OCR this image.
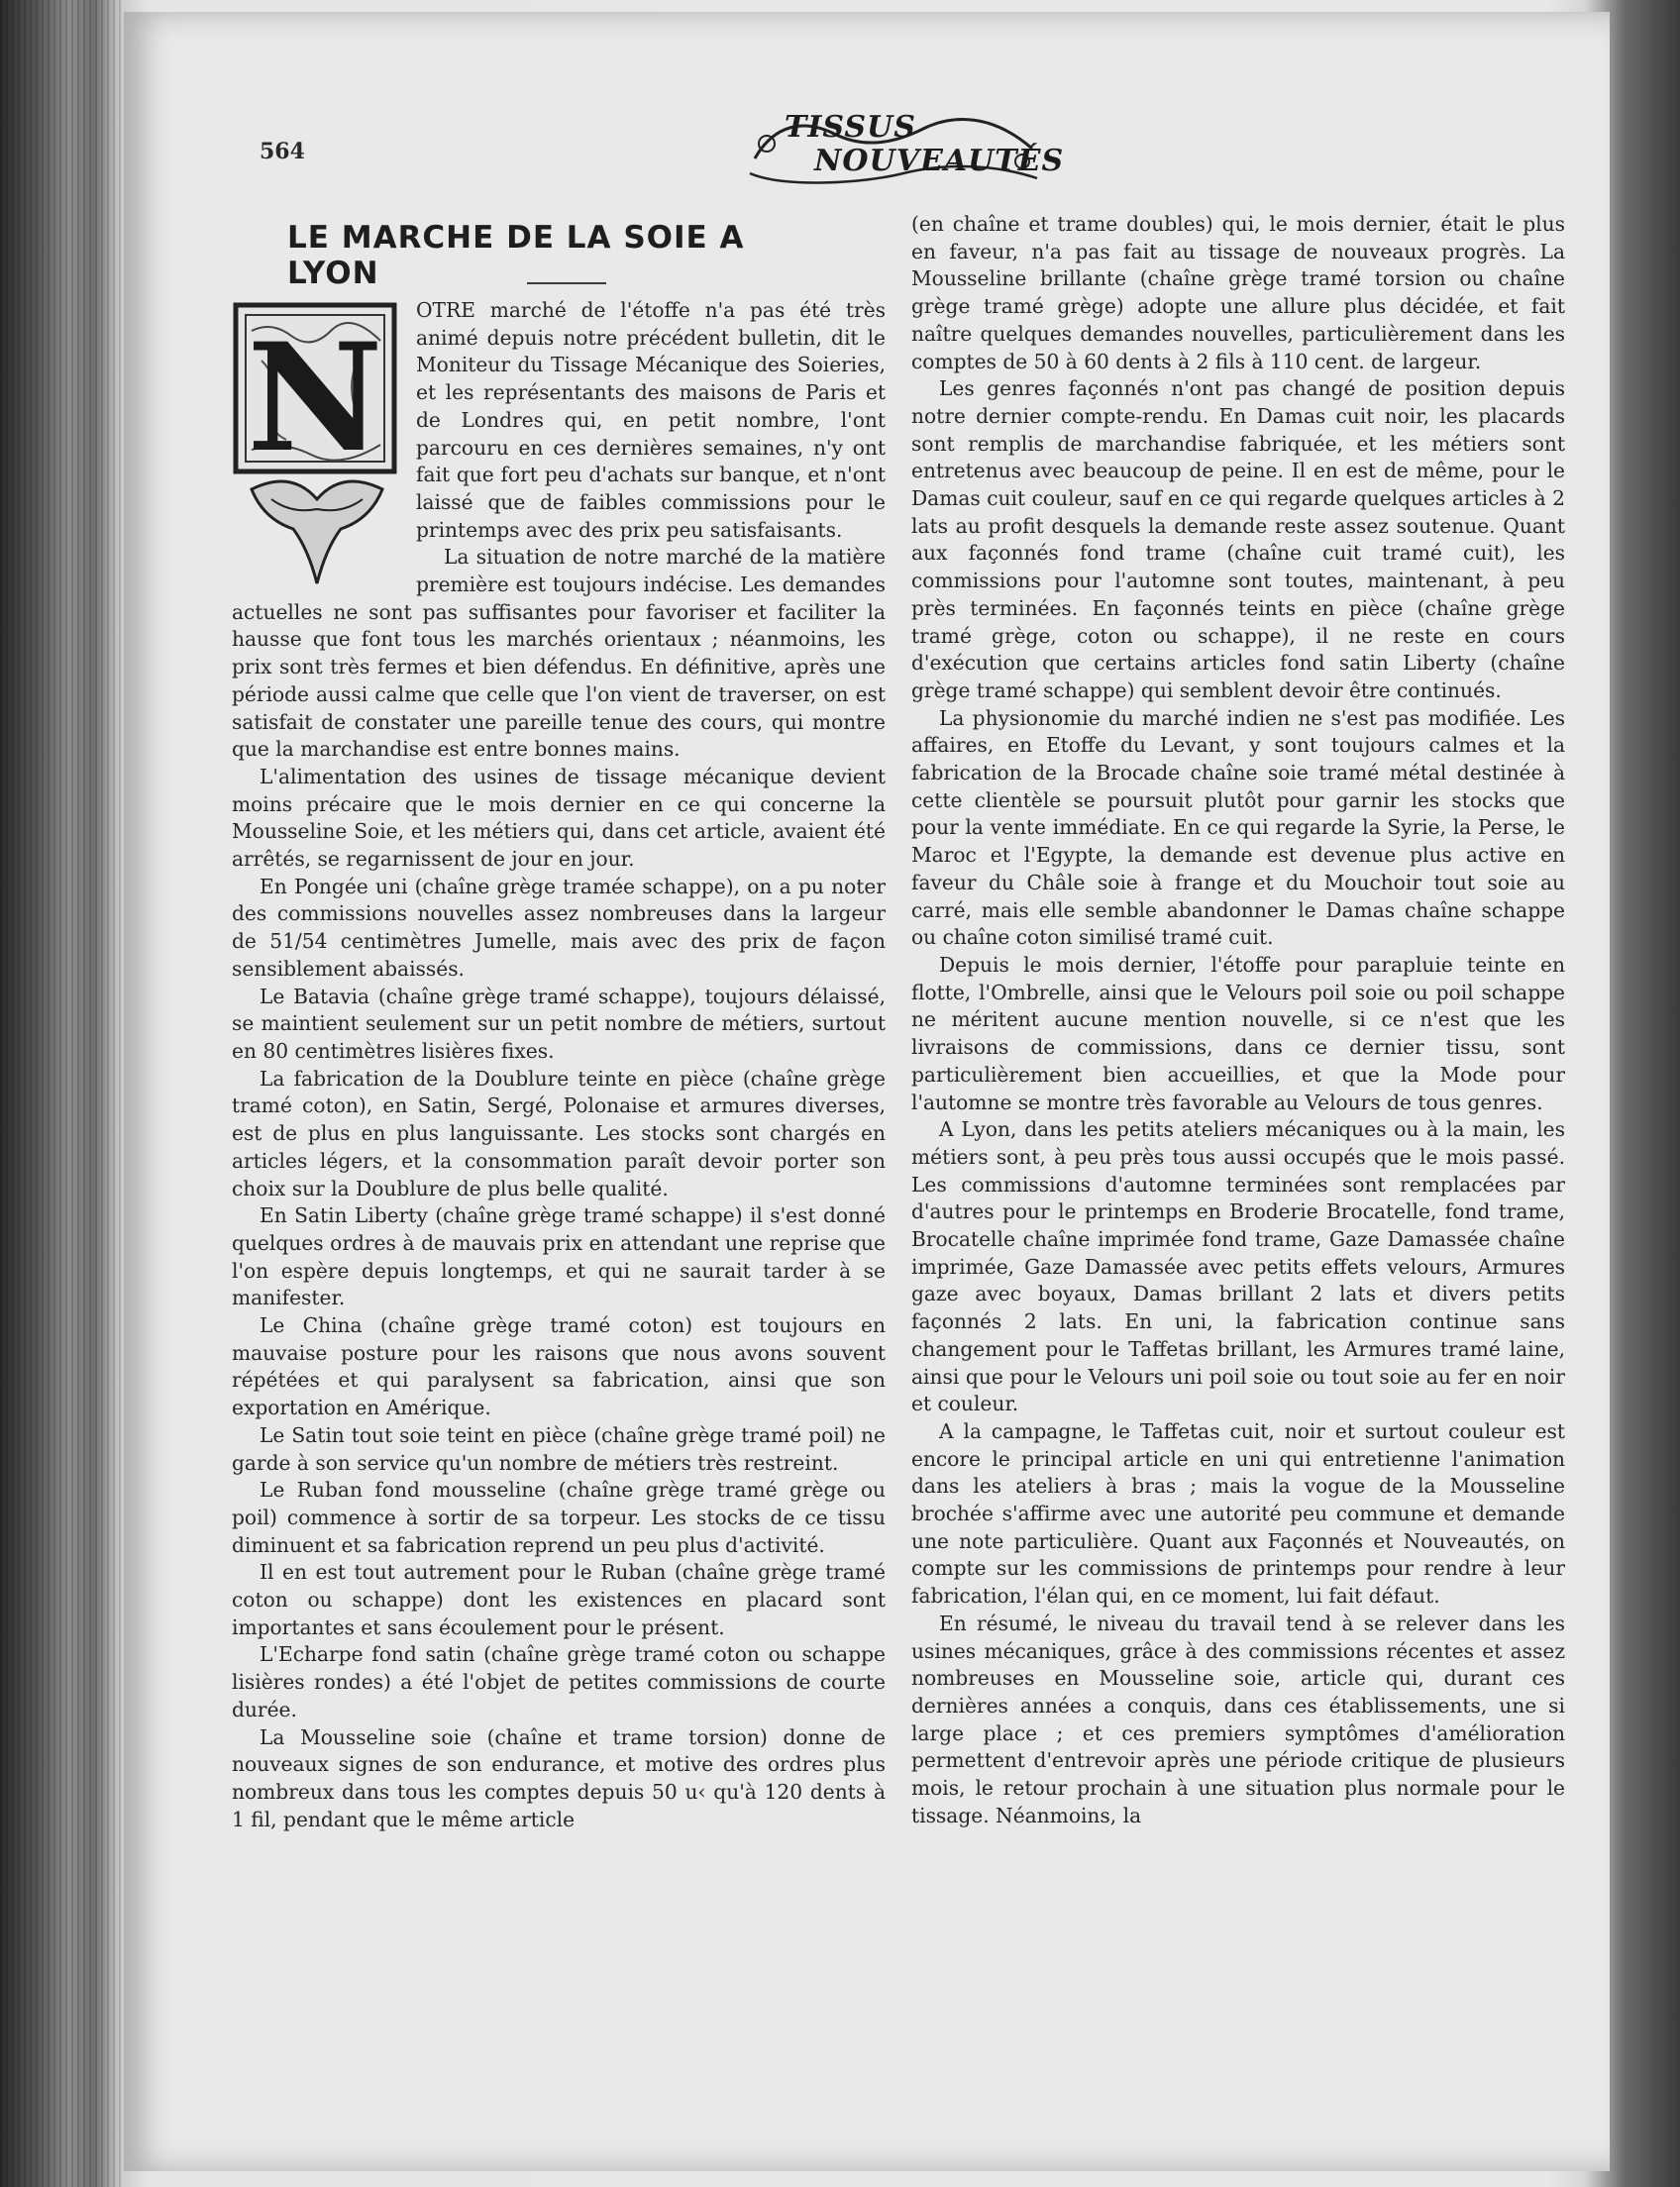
564
TISSUS
NOUVEAUTÉS
LE MARCHE DE LA SOIE A LYON
N

OTRE marché de l'étoffe n'a pas été très animé depuis notre précédent bulletin, dit le Moniteur du Tissage Mécanique des Soieries, et les représentants des maisons de Paris et de Londres qui, en petit nombre, l'ont parcouru en ces dernières semaines, n'y ont fait que fort peu d'achats sur banque, et n'ont laissé que de faibles commissions pour le printemps avec des prix peu satisfaisants.

La situation de notre marché de la matière première est toujours indécise. Les demandes actuelles ne sont pas suffisantes pour favoriser et faciliter la hausse que font tous les marchés orientaux ; néanmoins, les prix sont très fermes et bien défendus. En définitive, après une période aussi calme que celle que l'on vient de traverser, on est satisfait de constater une pareille tenue des cours, qui montre que la marchandise est entre bonnes mains.

L'alimentation des usines de tissage mécanique devient moins précaire que le mois dernier en ce qui concerne la Mousseline Soie, et les métiers qui, dans cet article, avaient été arrêtés, se regarnissent de jour en jour.

En Pongée uni (chaîne grège tramée schappe), on a pu noter des commissions nouvelles assez nombreuses dans la largeur de 51/54 centimètres Jumelle, mais avec des prix de façon sensiblement abaissés.

Le Batavia (chaîne grège tramé schappe), toujours délaissé, se maintient seulement sur un petit nombre de métiers, surtout en 80 centimètres lisières fixes.

La fabrication de la Doublure teinte en pièce (chaîne grège tramé coton), en Satin, Sergé, Polonaise et armures diverses, est de plus en plus languissante. Les stocks sont chargés en articles légers, et la consommation paraît devoir porter son choix sur la Doublure de plus belle qualité.

En Satin Liberty (chaîne grège tramé schappe) il s'est donné quelques ordres à de mauvais prix en attendant une reprise que l'on espère depuis longtemps, et qui ne saurait tarder à se manifester.

Le China (chaîne grège tramé coton) est toujours en mauvaise posture pour les raisons que nous avons souvent répétées et qui paralysent sa fabrication, ainsi que son exportation en Amérique.

Le Satin tout soie teint en pièce (chaîne grège tramé poil) ne garde à son service qu'un nombre de métiers très restreint.

Le Ruban fond mousseline (chaîne grège tramé grège ou poil) commence à sortir de sa torpeur. Les stocks de ce tissu diminuent et sa fabrication reprend un peu plus d'activité.

Il en est tout autrement pour le Ruban (chaîne grège tramé coton ou schappe) dont les existences en placard sont importantes et sans écoulement pour le présent.

L'Echarpe fond satin (chaîne grège tramé coton ou schappe lisières rondes) a été l'objet de petites commissions de courte durée.

La Mousseline soie (chaîne et trame torsion) donne de nouveaux signes de son endurance, et motive des ordres plus nombreux dans tous les comptes depuis 50 u‹ qu'à 120 dents à 1 fil, pendant que le même article

(en chaîne et trame doubles) qui, le mois dernier, était le plus en faveur, n'a pas fait au tissage de nouveaux progrès. La Mousseline brillante (chaîne grège tramé torsion ou chaîne grège tramé grège) adopte une allure plus décidée, et fait naître quelques demandes nouvelles, particulièrement dans les comptes de 50 à 60 dents à 2 fils à 110 cent. de largeur.

Les genres façonnés n'ont pas changé de position depuis notre dernier compte-rendu. En Damas cuit noir, les placards sont remplis de marchandise fabriquée, et les métiers sont entretenus avec beaucoup de peine. Il en est de même, pour le Damas cuit couleur, sauf en ce qui regarde quelques articles à 2 lats au profit desquels la demande reste assez soutenue. Quant aux façonnés fond trame (chaîne cuit tramé cuit), les commissions pour l'automne sont toutes, maintenant, à peu près terminées. En façonnés teints en pièce (chaîne grège tramé grège, coton ou schappe), il ne reste en cours d'exécution que certains articles fond satin Liberty (chaîne grège tramé schappe) qui semblent devoir être continués.

La physionomie du marché indien ne s'est pas modifiée. Les affaires, en Etoffe du Levant, y sont toujours calmes et la fabrication de la Brocade chaîne soie tramé métal destinée à cette clientèle se poursuit plutôt pour garnir les stocks que pour la vente immédiate. En ce qui regarde la Syrie, la Perse, le Maroc et l'Egypte, la demande est devenue plus active en faveur du Châle soie à frange et du Mouchoir tout soie au carré, mais elle semble abandonner le Damas chaîne schappe ou chaîne coton similisé tramé cuit.

Depuis le mois dernier, l'étoffe pour parapluie teinte en flotte, l'Ombrelle, ainsi que le Velours poil soie ou poil schappe ne méritent aucune mention nouvelle, si ce n'est que les livraisons de commissions, dans ce dernier tissu, sont particulièrement bien accueillies, et que la Mode pour l'automne se montre très favorable au Velours de tous genres.

A Lyon, dans les petits ateliers mécaniques ou à la main, les métiers sont, à peu près tous aussi occupés que le mois passé. Les commissions d'automne terminées sont remplacées par d'autres pour le printemps en Broderie Brocatelle, fond trame, Brocatelle chaîne imprimée fond trame, Gaze Damassée chaîne imprimée, Gaze Damassée avec petits effets velours, Armures gaze avec boyaux, Damas brillant 2 lats et divers petits façonnés 2 lats. En uni, la fabrication continue sans changement pour le Taffetas brillant, les Armures tramé laine, ainsi que pour le Velours uni poil soie ou tout soie au fer en noir et couleur.

A la campagne, le Taffetas cuit, noir et surtout couleur est encore le principal article en uni qui entretienne l'animation dans les ateliers à bras ; mais la vogue de la Mousseline brochée s'affirme avec une autorité peu commune et demande une note particulière. Quant aux Façonnés et Nouveautés, on compte sur les commissions de printemps pour rendre à leur fabrication, l'élan qui, en ce moment, lui fait défaut.

En résumé, le niveau du travail tend à se relever dans les usines mécaniques, grâce à des commissions récentes et assez nombreuses en Mousseline soie, article qui, durant ces dernières années a conquis, dans ces établissements, une si large place ; et ces premiers symptômes d'amélioration permettent d'entrevoir après une période critique de plusieurs mois, le retour prochain à une situation plus normale pour le tissage. Néanmoins, la
